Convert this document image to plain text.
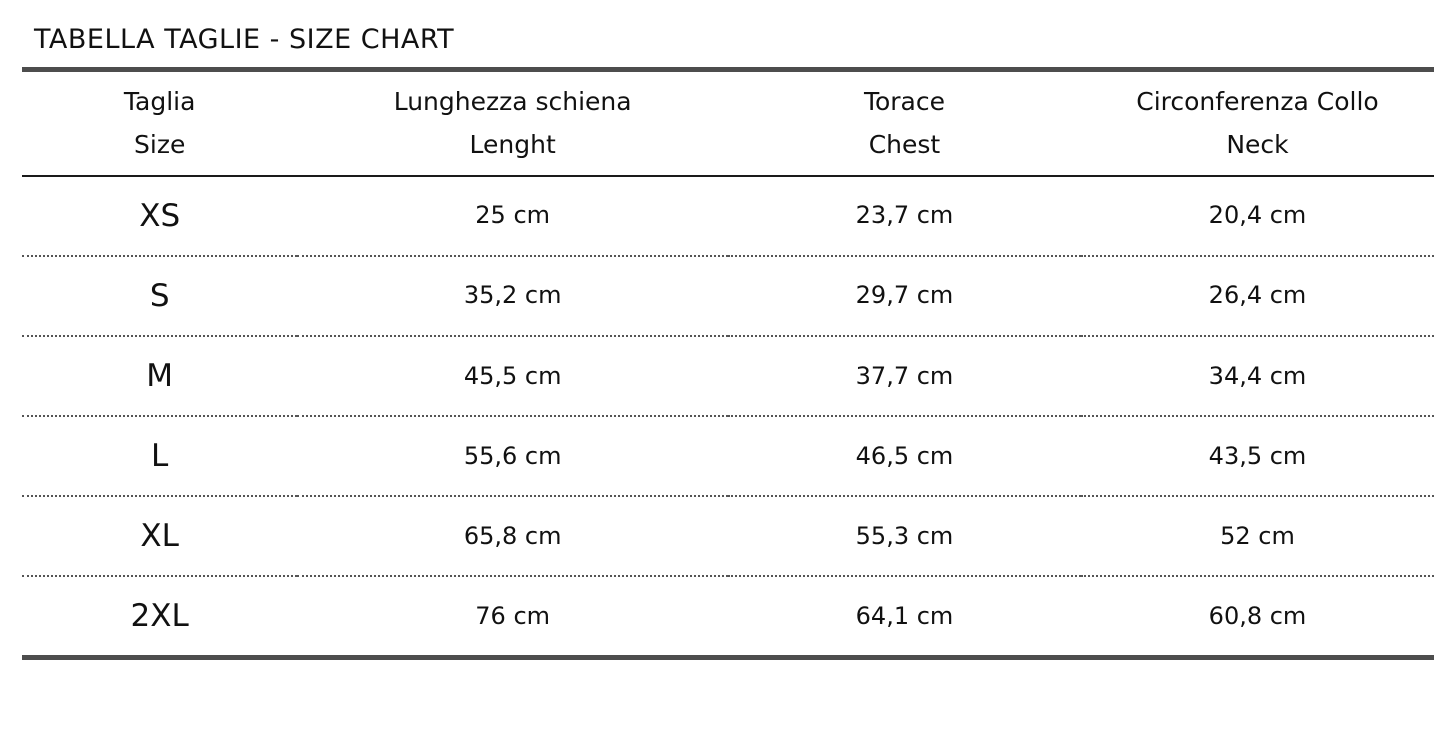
TABELLA TAGLIE - SIZE CHART
Taglia	Lunghezza schiena	Torace	Circonferenza Collo
Size	Lenght	Chest	Neck
XS	25 cm	23,7 cm	20,4 cm
S	35,2 cm	29,7 cm	26,4 cm
M	45,5 cm	37,7 cm	34,4 cm
L	55,6 cm	46,5 cm	43,5 cm
XL	65,8 cm	55,3 cm	52 cm
2XL	76 cm	64,1 cm	60,8 cm
